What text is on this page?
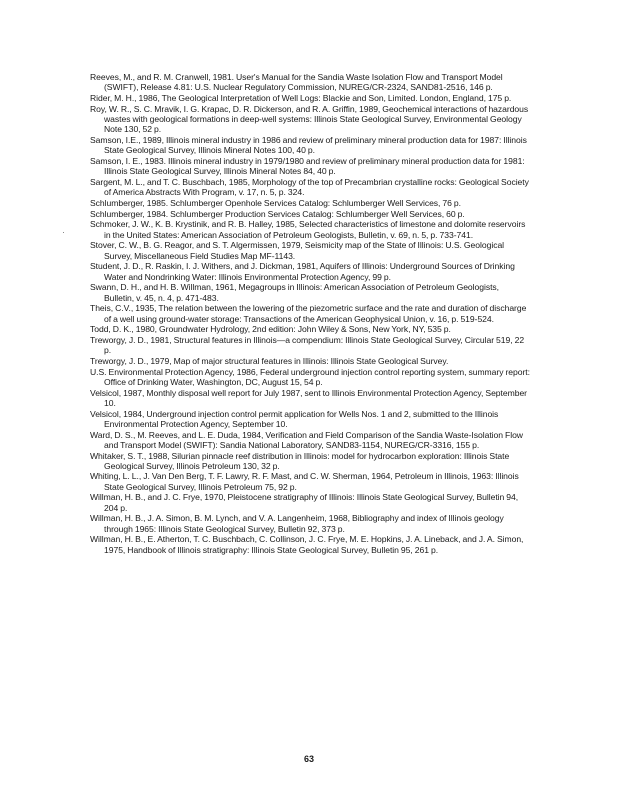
Reeves, M., and R. M. Cranwell, 1981. User's Manual for the Sandia Waste Isolation Flow and Transport Model (SWIFT), Release 4.81: U.S. Nuclear Regulatory Commission, NUREG/CR-2324, SAND81-2516, 146 p.

Rider, M. H., 1986, The Geological Interpretation of Well Logs: Blackie and Son, Limited. London, England, 175 p.

Roy, W. R., S. C. Mravik, I. G. Krapac, D. R. Dickerson, and R. A. Griffin, 1989, Geochemical interactions of hazardous wastes with geological formations in deep-well systems: Illinois State Geological Survey, Environmental Geology Note 130, 52 p.

Samson, I.E., 1989, Illinois mineral industry in 1986 and review of preliminary mineral production data for 1987: Illinois State Geological Survey, Illinois Mineral Notes 100, 40 p.

Samson, I. E., 1983. Illinois mineral industry in 1979/1980 and review of preliminary mineral production data for 1981: Illinois State Geological Survey, Illinois Mineral Notes 84, 40 p.

Sargent, M. L., and T. C. Buschbach, 1985, Morphology of the top of Precambrian crystalline rocks: Geological Society of America Abstracts With Program, v. 17, n. 5, p. 324.

Schlumberger, 1985. Schlumberger Openhole Services Catalog: Schlumberger Well Services, 76 p.

Schlumberger, 1984. Schlumberger Production Services Catalog: Schlumberger Well Services, 60 p.

Schmoker, J. W., K. B. Krystinik, and R. B. Halley, 1985, Selected characteristics of limestone and dolomite reservoirs in the United States: American Association of Petroleum Geologists, Bulletin, v. 69, n. 5, p. 733-741.

Stover, C. W., B. G. Reagor, and S. T. Algermissen, 1979, Seismicity map of the State of Illinois: U.S. Geological Survey, Miscellaneous Field Studies Map MF-1143.

Student, J. D., R. Raskin, I. J. Withers, and J. Dickman, 1981, Aquifers of Illinois: Underground Sources of Drinking Water and Nondrinking Water: Illinois Environmental Protection Agency, 99 p.

Swann, D. H., and H. B. Willman, 1961, Megagroups in Illinois: American Association of Petroleum Geologists, Bulletin, v. 45, n. 4, p. 471-483.

Theis, C.V., 1935, The relation between the lowering of the piezometric surface and the rate and duration of discharge of a well using ground-water storage: Transactions of the American Geophysical Union, v. 16, p. 519-524.

Todd, D. K., 1980, Groundwater Hydrology, 2nd edition: John Wiley & Sons, New York, NY, 535 p.

Treworgy, J. D., 1981, Structural features in Illinois—a compendium: Illinois State Geological Survey, Circular 519, 22 p.

Treworgy, J. D., 1979, Map of major structural features in Illinois: Illinois State Geological Survey.

U.S. Environmental Protection Agency, 1986, Federal underground injection control reporting system, summary report: Office of Drinking Water, Washington, DC, August 15, 54 p.

Velsicol, 1987, Monthly disposal well report for July 1987, sent to Illinois Environmental Protection Agency, September 10.

Velsicol, 1984, Underground injection control permit application for Wells Nos. 1 and 2, submitted to the Illinois Environmental Protection Agency, September 10.

Ward, D. S., M. Reeves, and L. E. Duda, 1984, Verification and Field Comparison of the Sandia Waste-Isolation Flow and Transport Model (SWIFT): Sandia National Laboratory, SAND83-1154, NUREG/CR-3316, 155 p.

Whitaker, S. T., 1988, Silurian pinnacle reef distribution in Illinois: model for hydrocarbon exploration: Illinois State Geological Survey, Illinois Petroleum 130, 32 p.

Whiting, L. L., J. Van Den Berg, T. F. Lawry, R. F. Mast, and C. W. Sherman, 1964, Petroleum in Illinois, 1963: Illinois State Geological Survey, Illinois Petroleum 75, 92 p.

Willman, H. B., and J. C. Frye, 1970, Pleistocene stratigraphy of Illinois: Illinois State Geological Survey, Bulletin 94, 204 p.

Willman, H. B., J. A. Simon, B. M. Lynch, and V. A. Langenheim, 1968, Bibliography and index of Illinois geology through 1965: Illinois State Geological Survey, Bulletin 92, 373 p.

Willman, H. B., E. Atherton, T. C. Buschbach, C. Collinson, J. C. Frye, M. E. Hopkins, J. A. Lineback, and J. A. Simon, 1975, Handbook of Illinois stratigraphy: Illinois State Geological Survey, Bulletin 95, 261 p.

63
